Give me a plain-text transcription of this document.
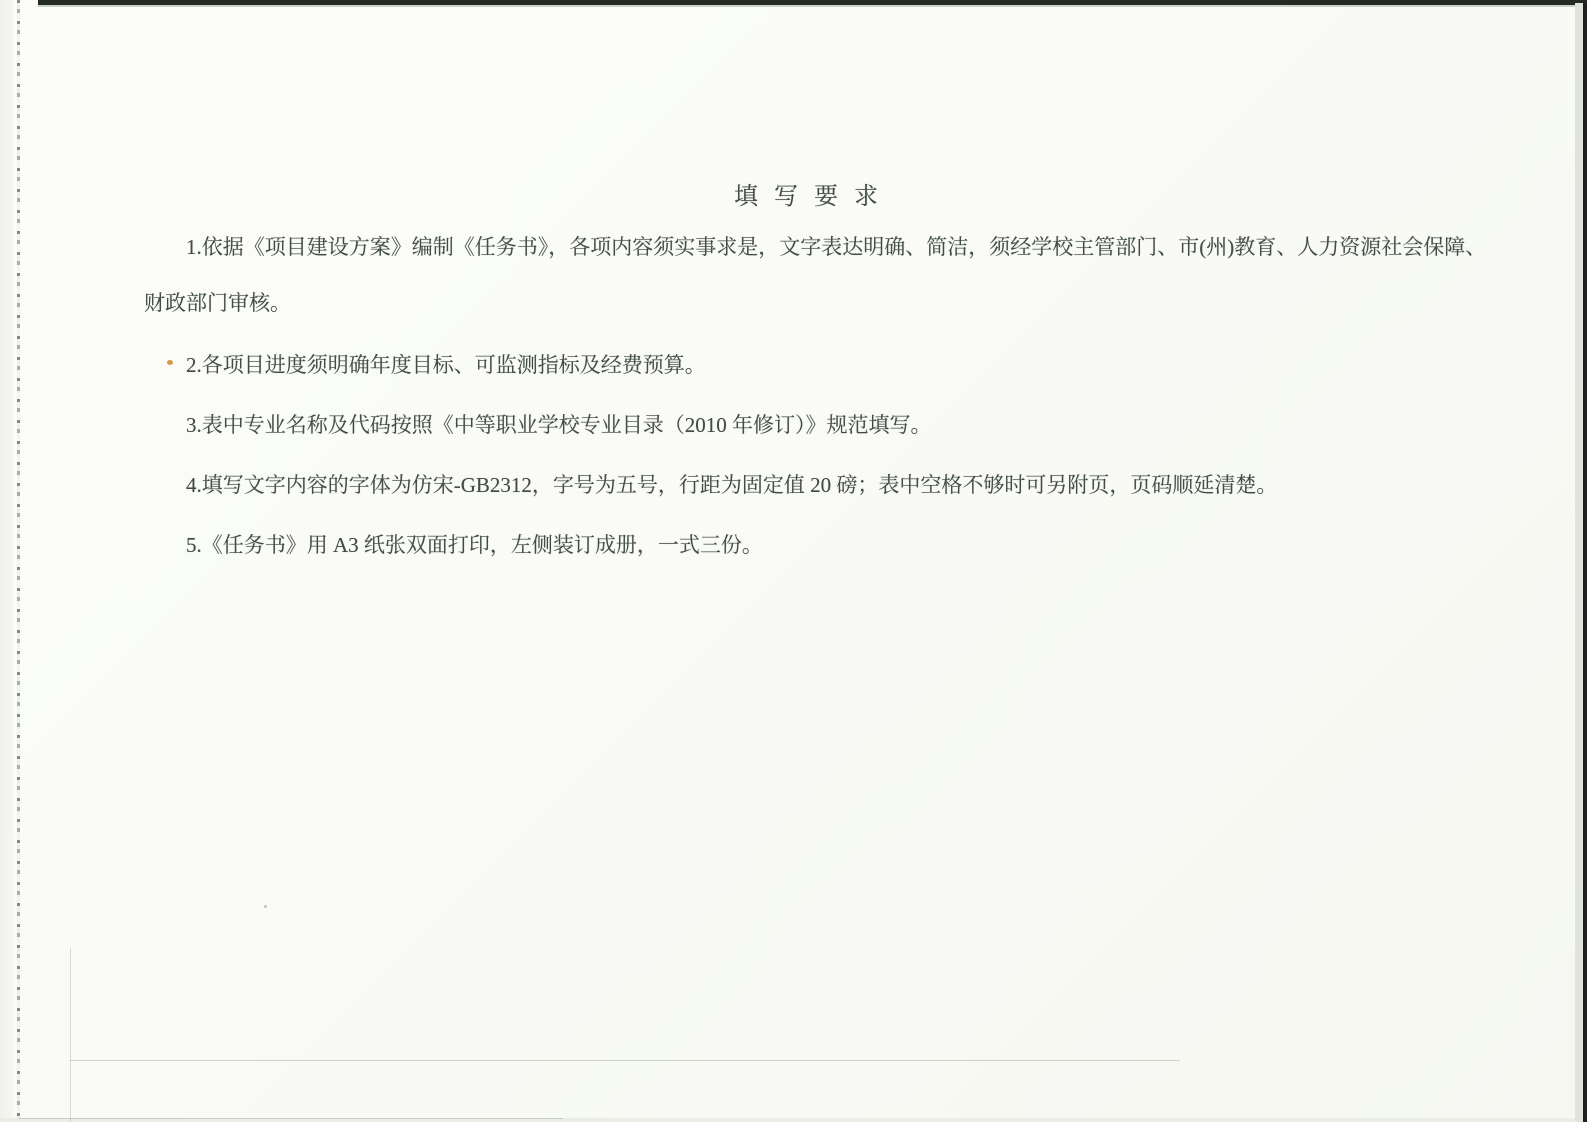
填 写 要 求
1.依据《项目建设方案》编制《任务书》，各项内容须实事求是，文字表达明确、简洁，须经学校主管部门、市(州)教育、人力资源社会保障、
财政部门审核。
2.各项目进度须明确年度目标、可监测指标及经费预算。
3.表中专业名称及代码按照《中等职业学校专业目录（2010 年修订）》规范填写。
4.填写文字内容的字体为仿宋-GB2312，字号为五号，行距为固定值 20 磅；表中空格不够时可另附页，页码顺延清楚。
5.《任务书》用 A3 纸张双面打印，左侧装订成册，一式三份。
